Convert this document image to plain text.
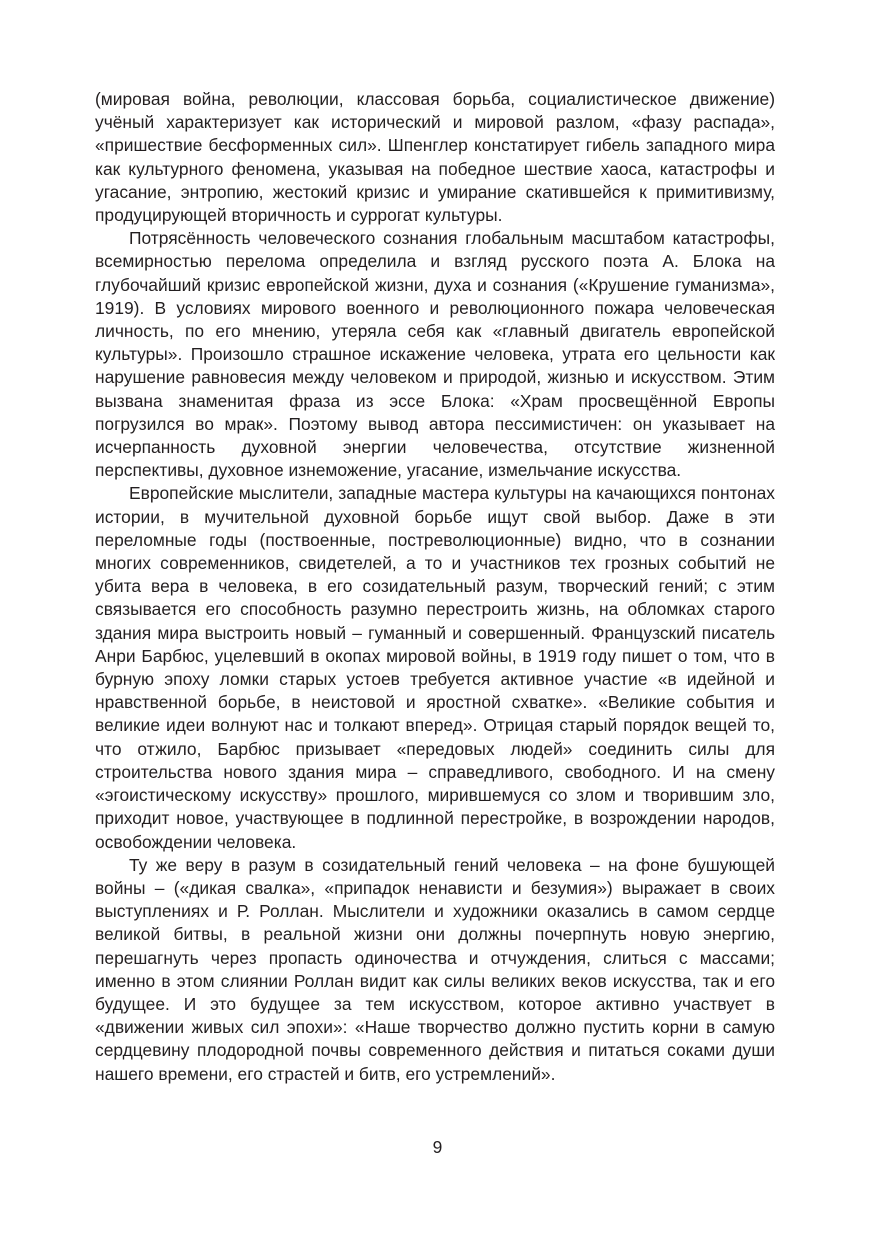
(мировая война, революции, классовая борьба, социалистическое движение) учёный характеризует как исторический и мировой разлом, «фазу распада», «пришествие бесформенных сил». Шпенглер констатирует гибель западного мира как культурного феномена, указывая на победное шествие хаоса, катастрофы и угасание, энтропию, жестокий кризис и умирание скатившейся к примитивизму, продуцирующей вторичность и суррогат культуры.

Потрясённость человеческого сознания глобальным масштабом катастрофы, всемирностью перелома определила и взгляд русского поэта А. Блока на глубочайший кризис европейской жизни, духа и сознания («Крушение гуманизма», 1919). В условиях мирового военного и революционного пожара человеческая личность, по его мнению, утеряла себя как «главный двигатель европейской культуры». Произошло страшное искажение человека, утрата его цельности как нарушение равновесия между человеком и природой, жизнью и искусством. Этим вызвана знаменитая фраза из эссе Блока: «Храм просвещённой Европы погрузился во мрак». Поэтому вывод автора пессимистичен: он указывает на исчерпанность духовной энергии человечества, отсутствие жизненной перспективы, духовное изнеможение, угасание, измельчание искусства.

Европейские мыслители, западные мастера культуры на качающихся понтонах истории, в мучительной духовной борьбе ищут свой выбор. Даже в эти переломные годы (поствоенные, постреволюционные) видно, что в сознании многих современников, свидетелей, а то и участников тех грозных событий не убита вера в человека, в его созидательный разум, творческий гений; с этим связывается его способность разумно перестроить жизнь, на обломках старого здания мира выстроить новый – гуманный и совершенный. Французский писатель Анри Барбюс, уцелевший в окопах мировой войны, в 1919 году пишет о том, что в бурную эпоху ломки старых устоев требуется активное участие «в идейной и нравственной борьбе, в неистовой и яростной схватке». «Великие события и великие идеи волнуют нас и толкают вперед». Отрицая старый порядок вещей то, что отжило, Барбюс призывает «передовых людей» соединить силы для строительства нового здания мира – справедливого, свободного. И на смену «эгоистическому искусству» прошлого, мирившемуся со злом и творившим зло, приходит новое, участвующее в подлинной перестройке, в возрождении народов, освобождении человека.

Ту же веру в разум в созидательный гений человека – на фоне бушующей войны – («дикая свалка», «припадок ненависти и безумия») выражает в своих выступлениях и Р. Роллан. Мыслители и художники оказались в самом сердце великой битвы, в реальной жизни они должны почерпнуть новую энергию, перешагнуть через пропасть одиночества и отчуждения, слиться с массами; именно в этом слиянии Роллан видит как силы великих веков искусства, так и его будущее. И это будущее за тем искусством, которое активно участвует в «движении живых сил эпохи»: «Наше творчество должно пустить корни в самую сердцевину плодородной почвы современного действия и питаться соками души нашего времени, его страстей и битв, его устремлений».

9
